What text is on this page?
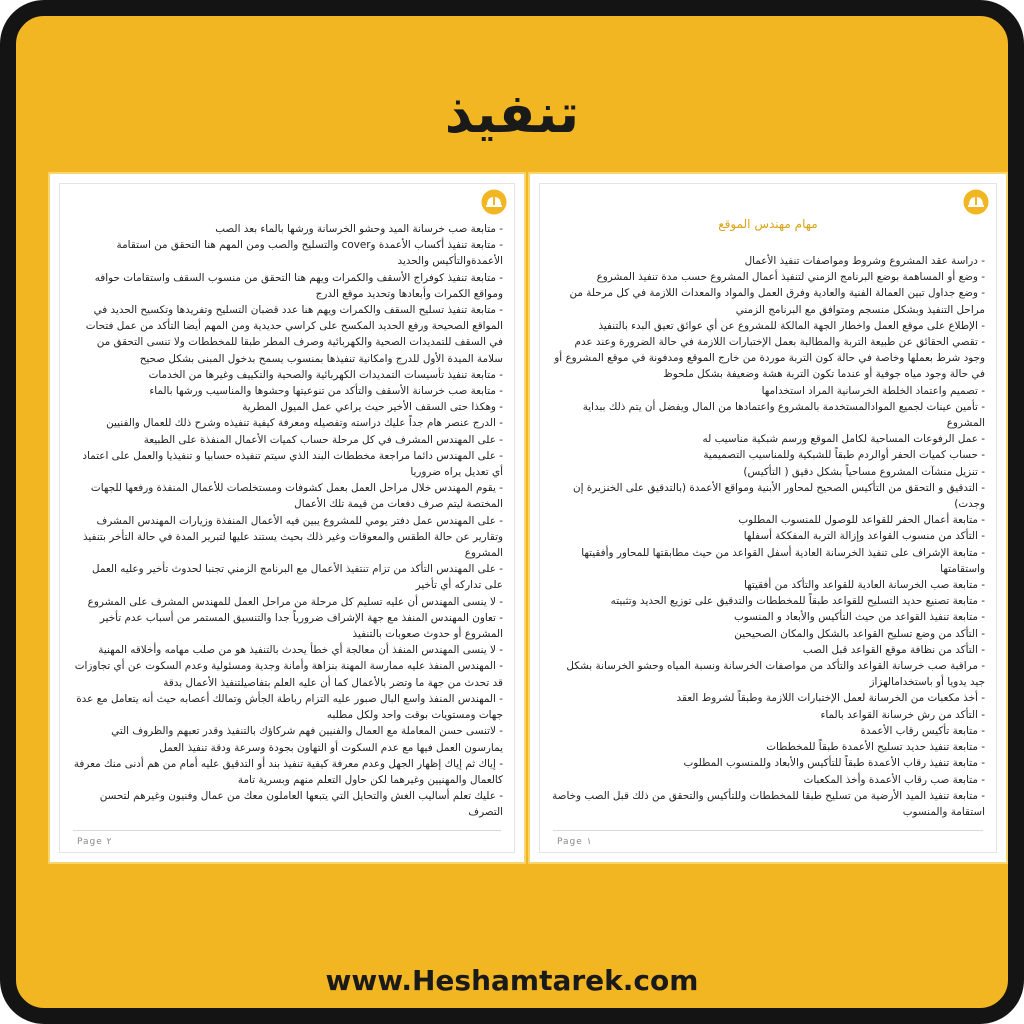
تنفيذ
- متابعة صب خرسانة الميد وحشو الخرسانة ورشها بالماء بعد الصب
- متابعة تنفيذ أكساب الأعمدة وcover والتسليح والصب ومن المهم هنا التحقق من استقامة الأعمدةوالتأكيس والحديد
- متابعة تنفيذ كوفراج الأسقف والكمرات ويهم هنا التحقق من منسوب السقف واستقامات حوافه ومواقع الكمرات وأبعادها وتحديد موقع الدرج
- متابعة تنفيذ تسليح السقف والكمرات ويهم هنا عدد قضبان التسليح وتفريدها وتكسيح الحديد في المواقع الصحيحة ورفع الحديد المكسح على كراسي حديدية ومن المهم أيضا التأكد من عمل فتحات في السقف للتمديدات الصحية والكهربائية وصرف المطر طبقا للمخططات ولا تنسى التحقق من سلامة الميدة الأول للدرج وامكانية تنفيذها بمنسوب يسمح بدخول المبنى بشكل صحيح
- متابعة تنفيذ تأسيسات التمديدات الكهربائية والصحية والتكييف وغيرها من الخدمات
- متابعة صب خرسانة الأسقف والتأكد من تنوعيتها وحشوها والمناسيب ورشها بالماء
- وهكذا حتى السقف الأخير حيث يراعي عمل الميول المطرية
- الدرج عنصر هام جداً عليك دراسته وتفصيله ومعرفة كيفية تنفيذه وشرح ذلك للعمال والفنيين
- على المهندس المشرف في كل مرحلة حساب كميات الأعمال المنفذة على الطبيعة
- على المهندس دائما مراجعة مخططات البند الذي سيتم تنفيذه حسابيا و تنفيذيا والعمل على اعتماد أي تعديل يراه ضروريا
- يقوم المهندس خلال مراحل العمل بعمل كشوفات ومستخلصات للأعمال المنفذة ورفعها للجهات المختصة ليتم صرف دفعات من قيمة تلك الأعمال
- على المهندس عمل دفتر يومي للمشروع يبين فيه الأعمال المنفذة وزيارات المهندس المشرف وتقارير عن حالة الطقس والمعوقات وغير ذلك بحيث يستند عليها لتبرير المدة في حالة التأخر بتنفيذ المشروع
- على المهندس التأكد من تزام تنتفيذ الأعمال مع البرنامج الزمني تجنبا لحدوث تأخير وعليه العمل على تداركه أي تأخير
- لا ينسى المهندس أن عليه تسليم كل مرحلة من مراحل العمل للمهندس المشرف على المشروع
- تعاون المهندس المنفذ مع جهة الإشراف ضرورياً جدا والتنسيق المستمر من أسباب عدم تأخير المشروع أو حدوث صعوبات بالتنفيذ
- لا ينسى المهندس المنفذ أن معالجة أي خطأ يحدث بالتنفيذ هو من صلب مهامه وأخلاقه المهنية
- المهندس المنفذ عليه ممارسة المهنة بنزاهة وأمانة وجدية ومسئولية وعدم السكوت عن أي تجاوزات قد تحدث من جهة ما وتضر بالأعمال كما أن عليه العلم بتفاصيلتنفيذ الأعمال بدقة
- المهندس المنفذ واسع البال صبور عليه التزام رباطة الجأش وتمالك أعصابه حيث أنه يتعامل مع عدة جهات ومستويات بوقت واحد ولكل مطلبه
- لاتنسى حسن المعاملة مع العمال والفنيين فهم شركاؤك بالتنفيذ وقدر تعبهم والظروف التي يمارسون العمل فيها مع عدم السكوت أو التهاون بجودة وسرعة ودقة تنفيذ العمل
- إياك ثم إياك إظهار الجهل وعدم معرفة كيفية تنفيذ بند أو التدقيق عليه أمام من هم أدنى منك معرفة كالعمال والمهنيين وغيرهما لكن حاول التعلم منهم وبسرية تامة
- عليك تعلم أساليب الغش والتحايل التي يتبعها العاملون معك من عمال وفنيون وغيرهم لتحسن التصرف
Page ٢
مهام مهندس الموقع
- دراسة عقد المشروع وشروط ومواصفات تنفيذ الأعمال
- وضع أو المساهمة بوضع البرنامج الزمني لتنفيذ أعمال المشروع حسب مدة تنفيذ المشروع
- وضع جداول تبين العمالة الفنية والعادية وفرق العمل والمواد والمعدات اللازمة في كل مرحلة من مراحل التنفيذ وبشكل منسجم ومتوافق مع البرنامج الزمني
- الإطلاع على موقع العمل واخطار الجهة المالكة للمشروع عن أي عوائق تعيق البدء بالتنفيذ
- تقصي الحقائق عن طبيعة التربة والمطالبة بعمل الإختبارات اللازمة في حالة الضرورة وعند عدم وجود شرط بعملها وخاصة في حالة كون التربة موردة من خارج الموقع ومدفونة في موقع المشروع أو في حالة وجود مياه جوفية أو عندما تكون التربة هشة وضعيفة بشكل ملحوظ
- تصميم واعتماد الخلطة الخرسانية المراد استخدامها
- تأمين عينات لجميع الموادالمستخدمة بالمشروع واعتمادها من المال ويفضل أن يتم ذلك ببداية المشروع
- عمل الرفوعات المساحية لكامل الموقع ورسم شبكية مناسيب له
- حساب كميات الحفر أوالردم طبقاً للشبكية وللمناسيب التصميمية
- تنزيل منشآت المشروع مساحياً بشكل دقيق ( التأكيس)
- التدقيق و التحقق من التأكيس الصحيح لمحاور الأبنية ومواقع الأعمدة (بالتدقيق على الخنزيرة إن وجدت)
- متابعة أعمال الحفر للقواعد للوصول للمنسوب المطلوب
- التأكد من منسوب القواعد وإزالة التربة المفككة أسفلها
- متابعة الإشراف على تنفيذ الخرسانة العادية أسفل القواعد من حيث مطابقتها للمحاور وأفقيتها واستقامتها
- متابعة صب الخرسانة العادية للقواعد والتأكد من أفقيتها
- متابعة تصنيع حديد التسليح للقواعد طبقاً للمخططات والتدقيق على توزيع الحديد وتثبيته
- متابعة تنفيذ القواعد من حيث التأكيس والأبعاد و المنسوب
- التأكد من وضع تسليح القواعد بالشكل والمكان الصحيحين
- التأكد من نظافة موقع القواعد قبل الصب
- مراقبة صب خرسانة القواعد والتأكد من مواصفات الخرسانة ونسبة المياه وحشو الخرسانة بشكل جيد يدويا أو باستخدامالهزاز
- أخذ مكعبات من الخرسانة لعمل الإختبارات اللازمة وطبقاً لشروط العقد
- التأكد من رش خرسانة القواعد بالماء
- متابعة تأكيس رقاب الأعمدة
- متابعة تنفيذ حديد تسليح الأعمدة طبقاً للمخططات
- متابعة تنفيذ رقاب الأعمدة طبقاً للتأكيس والأبعاد وللمنسوب المطلوب
- متابعة صب رقاب الأعمدة وأخذ المكعبات
- متابعة تنفيذ الميد الأرضية من تسليح طبقا للمخططات وللتأكيس والتحقق من ذلك قبل الصب وخاصة استقامة والمنسوب
Page ١
www.Heshamtarek.com
